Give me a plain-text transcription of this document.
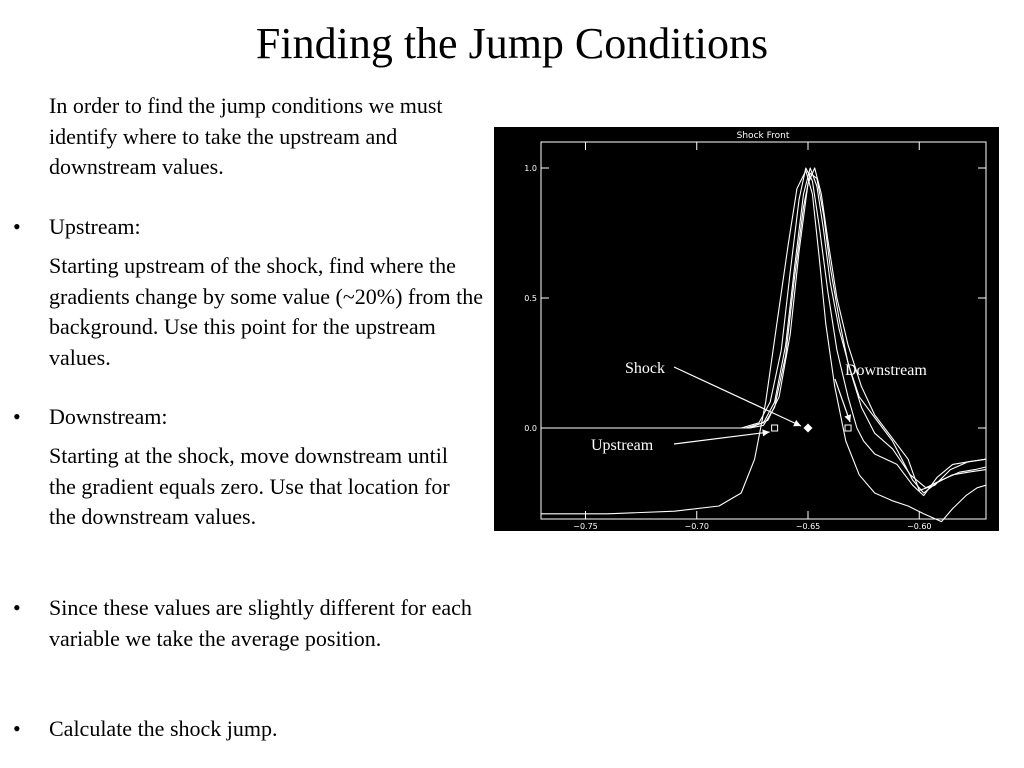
Finding the Jump Conditions

In order to find the jump conditions we must identify where to take the upstream and downstream values.

• Upstream:

Starting upstream of the shock, find where the gradients change by some value (~20%) from the background. Use this point for the upstream values.

• Downstream:

Starting at the shock, move downstream until the gradient equals zero. Use that location for the downstream values.

• Since these values are slightly different for each variable we take the average position.

• Calculate the shock jump.

Shock Front
−0.75	−0.70	−0.65	−0.60
0.0
0.5
1.0
Shock	Downstream
Upstream
